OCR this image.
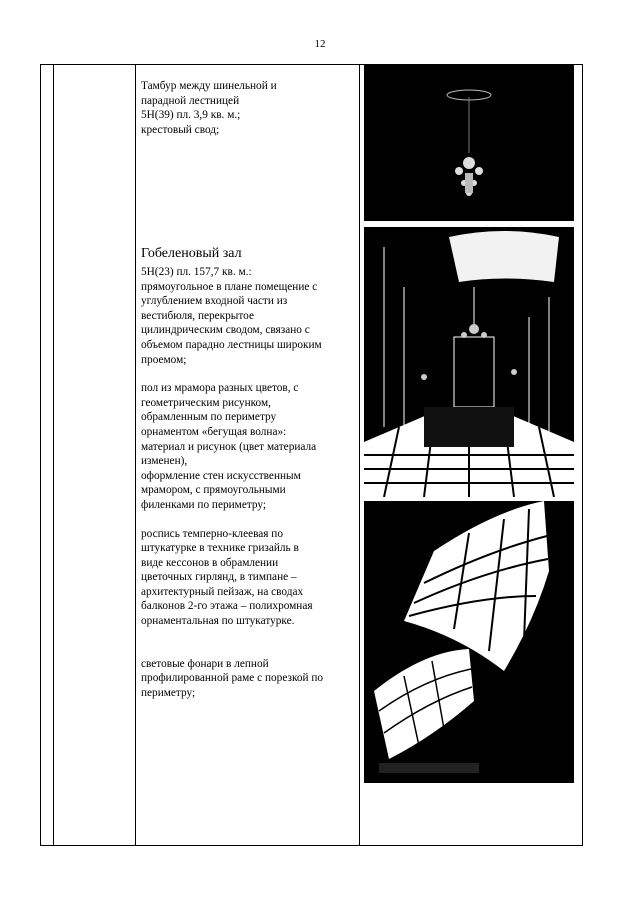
12

Тамбур между шинельной и
парадной лестницей
5Н(39) пл. 3,9 кв. м.;
крестовый свод;

Гобеленовый зал

5Н(23) пл. 157,7 кв. м.:
прямоугольное в плане помещение с
углублением входной части из
вестибюля, перекрытое
цилиндрическим сводом, связано с
объемом парадно лестницы широким
проемом;

пол из мрамора разных цветов, с
геометрическим рисунком,
обрамленным по периметру
орнаментом «бегущая волна»:
материал и рисунок (цвет материала
изменен),
оформление стен искусственным
мрамором, с прямоугольными
филенками по периметру;

роспись темперно-клеевая по
штукатурке в технике гризайль в
виде кессонов в обрамлении
цветочных гирлянд, в тимпане –
архитектурный пейзаж, на сводах
балконов 2-го этажа – полихромная
орнаментальная по штукатурке.

световые фонари в лепной
профилированной раме с порезкой по
периметру;
